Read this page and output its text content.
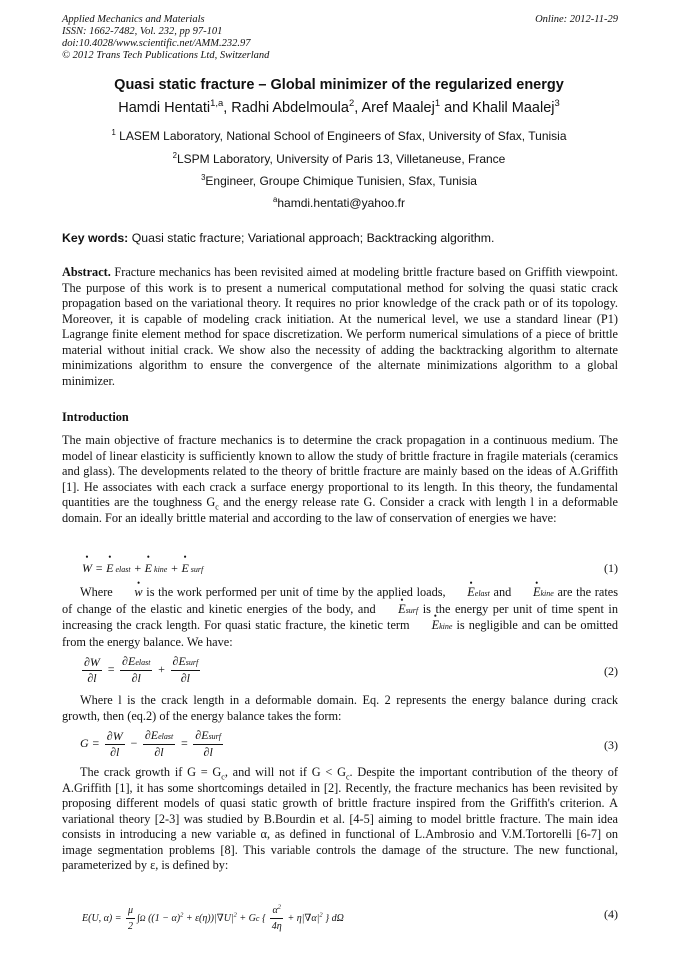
Applied Mechanics and Materials
ISSN: 1662-7482, Vol. 232, pp 97-101
doi:10.4028/www.scientific.net/AMM.232.97
© 2012 Trans Tech Publications Ltd, Switzerland
Online: 2012-11-29
Quasi static fracture – Global minimizer of the regularized energy
Hamdi Hentati$^{1,a}$, Radhi Abdelmoula$^2$, Aref Maalej$^1$ and Khalil Maalej$^3$
$^1$ LASEM Laboratory, National School of Engineers of Sfax, University of Sfax, Tunisia
$^2$LSPM Laboratory, University of Paris 13, Villetaneuse, France
$^3$Engineer, Groupe Chimique Tunisien, Sfax, Tunisia
$^a$hamdi.hentati@yahoo.fr
Key words: Quasi static fracture; Variational approach; Backtracking algorithm.
Abstract. Fracture mechanics has been revisited aimed at modeling brittle fracture based on Griffith viewpoint. The purpose of this work is to present a numerical computational method for solving the quasi static crack propagation based on the variational theory. It requires no prior knowledge of the crack path or of its topology. Moreover, it is capable of modeling crack initiation. At the numerical level, we use a standard linear (P1) Lagrange finite element method for space discretization. We perform numerical simulations of a piece of brittle material without initial crack. We show also the necessity of adding the backtracking algorithm to alternate minimizations algorithm to ensure the convergence of the alternate minimizations algorithm to a global minimizer.
Introduction
The main objective of fracture mechanics is to determine the crack propagation in a continuous medium. The model of linear elasticity is sufficiently known to allow the study of brittle fracture in fragile materials (ceramics and glass). The developments related to the theory of brittle fracture are mainly based on the ideas of A.Griffith [1]. He associates with each crack a surface energy proportional to its length. In this theory, the fundamental quantities are the toughness $G_c$ and the energy release rate G. Consider a crack with length l in a deformable domain. For an ideally brittle material and according to the law of conservation of energies we have:
• W = • E elast + • E kine + • E surf	(1)
Where • w is the work performed per unit of time by the applied loads, • Eelast and • Ekine are the rates of change of the elastic and kinetic energies of the body, and • Esurf is the energy per unit of time spent in increasing the crack length. For quasi static fracture, the kinetic term • Ekine is negligible and can be omitted from the energy balance. We have:
$\frac{\partial W}{\partial l} = \frac{\text{∂Eelast}}{\partial l} + \frac{\text{∂Esurf}}{\partial l}$	(2)
Where l is the crack length in a deformable domain. Eq. 2 represents the energy balance during crack growth, then (eq.2) of the energy balance takes the form:
$G = \frac{\partial W}{\partial l} - \frac{\text{∂Eelast}}{\partial l} = \frac{\text{∂Esurf}}{\partial l}$	(3)
The crack growth if $G = G_c$, and will not if $G < G_c$. Despite the important contribution of the theory of A.Griffith [1], it has some shortcomings detailed in [2]. Recently, the fracture mechanics has been revisited by proposing different models of quasi static growth of brittle fracture inspired from the Griffith's criterion. A variational theory [2-3] was studied by B.Bourdin et al. [4-5] aiming to model brittle fracture. The main idea consists in introducing a new variable α, as defined in functional of L.Ambrosio and V.M.Tortorelli [6-7] on image segmentation problems [8]. This variable controls the damage of the structure. The new functional, parameterized by ε, is defined by:
E(U, $\alpha) = \frac{\mu}{2} \int\Omega$ $((1 - \alpha)^2 + \varepsilon(\eta))|\nabla U|^2 + Gc$ { $\frac{\alpha^2}{4\eta} + \eta|\nabla\alpha|^2$ } dΩ	(4)
